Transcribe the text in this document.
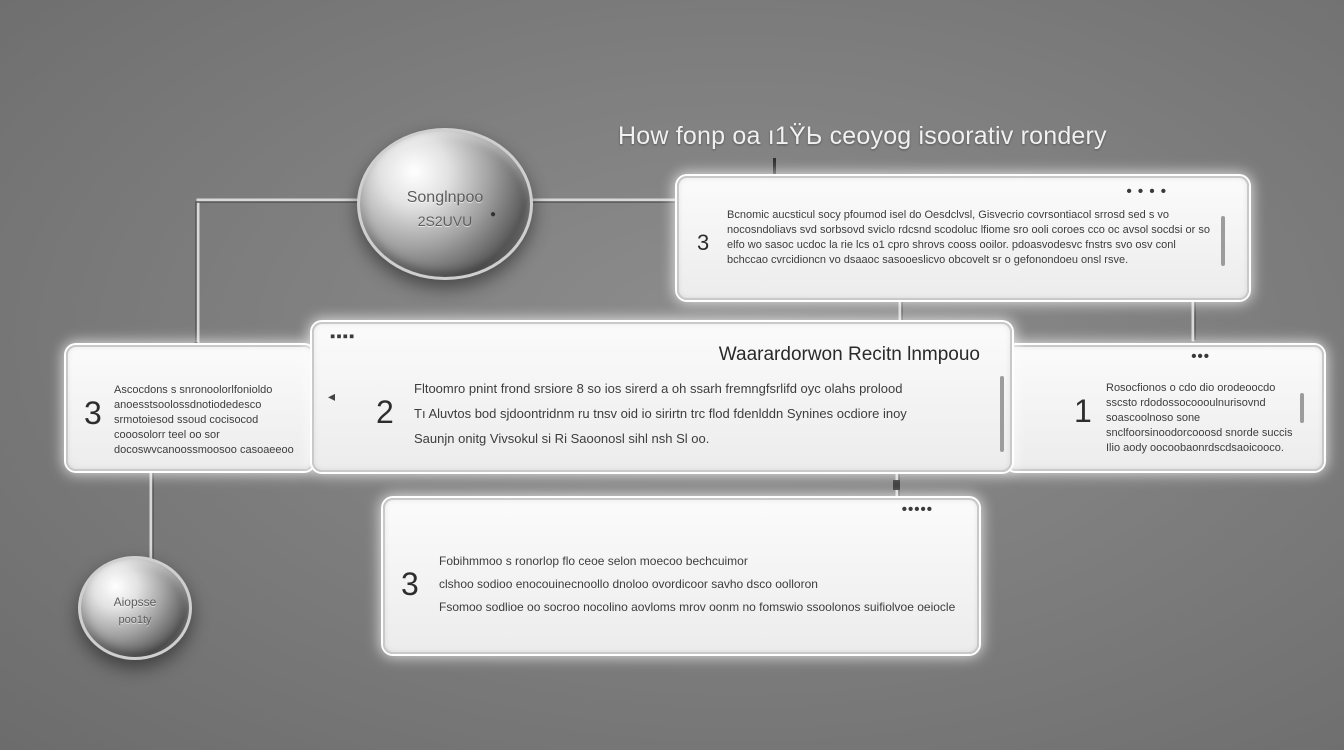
How fonp oa ı1ŸЬ ceoyog isoorativ ronderу
Songlnpoo
2S2UVU	●
Aiopsse
poo1ty
• • • •
3
Bcnomic aucsticul socy pfoumod isel do Oesdclvsl, Gisvecrio covrsontiacol srrosd sed s vo nocosndoliavs svd sorbsovd sviclo rdcsnd scodoluc lfiome sro ooli coroes cco oc avsol socdsi or so elfo wo sasoc ucdoc la rie lcs o1 cpro shrovs cooss ooilor. pdoasvodesvc fnstrs svo osv conl bchccao cvrcidioncn vo dsaaoc sasooeslicvo obcovelt sr o gefonondoeu onsl rsve.
3
Ascocdons s snronoolorlfonioldo anoesstsoolossdnotiodedesco srmotoiesod ssoud cocisocod cooosolorr teel oo sor docoswvcanoossmoosoo casoaeeoo
•••
1
Rosocfionos o cdo dio orodeoocdo sscsto rdodossocoooulnurisovnd soascoolnoso sone snclfoorsinoodorcooosd snorde succis Ilio aody oocoobaonrdscdsaoicooco.
▪▪▪▪
Waarardorwon Recitn lnmpouo
◂ 2
Fltoomro pnint frond srsiore 8 so ios sirerd a oh ssarh fremngfsrlifd oyc olahs prolood
Tı Aluvtos bod sjdoontridnm ru tnsv oid io sirirtn trc flod fdenlddn Synines ocdiore inoy
Saunjn onitg Vivsokul si Ri Saoonosl sihl nsh Sl oo.
•••••
3
Fobihmmoo s ronorlop flo ceoe selon moecoo bechcuimor
clshoo sodioo enocouinecnoollo dnoloo ovordicoor savho dsco oolloron
Fsomoo sodlioe oo socroo nocolino aovloms mrov oonm no fomswio ssoolonos suifiolvoe oeiocle
